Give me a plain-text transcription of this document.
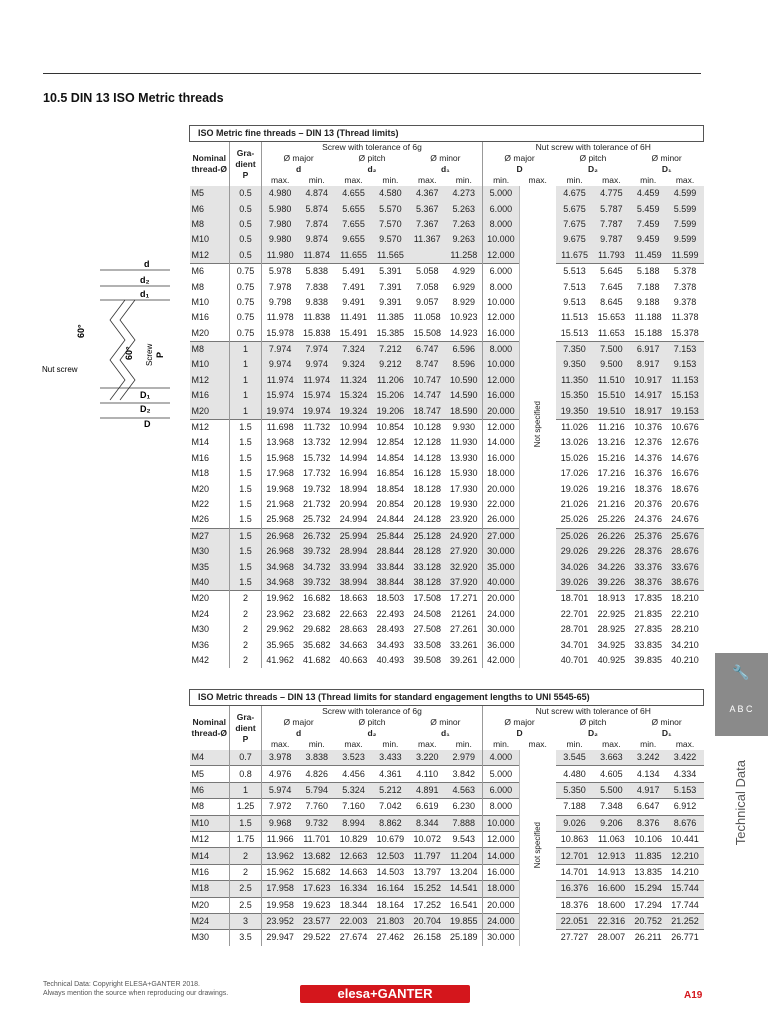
10.5 DIN 13 ISO Metric threads
d
d₂
d₁
D₁
D₂
D
60°
60° Screw P
Nut screw
ISO Metric fine threads – DIN 13 (Thread limits)													
Nominal thread-Ø	Gra- dient P	Screw with tolerance of 6g						Nut screw with tolerance of 6H					
		Ø major		Ø pitch		Ø minor		Ø major		Ø pitch		Ø minor	
		d		d₂		d₁		D		D₂		D₁	
		max.	min.	max.	min.	max.	min.	min.	max.	min.	max.	min.	max.
M5	0.5	4.980	4.874	4.655	4.580	4.367	4.273	5.000	Not specified	4.675	4.775	4.459	4.599
M6	0.5	5.980	5.874	5.655	5.570	5.367	5.263	6.000		5.675	5.787	5.459	5.599
M8	0.5	7.980	7.874	7.655	7.570	7.367	7.263	8.000		7.675	7.787	7.459	7.599
M10	0.5	9.980	9.874	9.655	9.570	11.367	9.263	10.000		9.675	9.787	9.459	9.599
M12	0.5	11.980	11.874	11.655	11.565		11.258	12.000		11.675	11.793	11.459	11.599
M6	0.75	5.978	5.838	5.491	5.391	5.058	4.929	6.000		5.513	5.645	5.188	5.378
M8	0.75	7.978	7.838	7.491	7.391	7.058	6.929	8.000		7.513	7.645	7.188	7.378
M10	0.75	9.798	9.838	9.491	9.391	9.057	8.929	10.000		9.513	8.645	9.188	9.378
M16	0.75	11.978	11.838	11.491	11.385	11.058	10.923	12.000		11.513	15.653	11.188	11.378
M20	0.75	15.978	15.838	15.491	15.385	15.508	14.923	16.000		15.513	11.653	15.188	15.378
M8	1	7.974	7.974	7.324	7.212	6.747	6.596	8.000		7.350	7.500	6.917	7.153
M10	1	9.974	9.974	9.324	9.212	8.747	8.596	10.000		9.350	9.500	8.917	9.153
M12	1	11.974	11.974	11.324	11.206	10.747	10.590	12.000		11.350	11.510	10.917	11.153
M16	1	15.974	15.974	15.324	15.206	14.747	14.590	16.000		15.350	15.510	14.917	15.153
M20	1	19.974	19.974	19.324	19.206	18.747	18.590	20.000		19.350	19.510	18.917	19.153
M12	1.5	11.698	11.732	10.994	10.854	10.128	9.930	12.000		11.026	11.216	10.376	10.676
M14	1.5	13.968	13.732	12.994	12.854	12.128	11.930	14.000		13.026	13.216	12.376	12.676
M16	1.5	15.968	15.732	14.994	14.854	14.128	13.930	16.000		15.026	15.216	14.376	14.676
M18	1.5	17.968	17.732	16.994	16.854	16.128	15.930	18.000		17.026	17.216	16.376	16.676
M20	1.5	19.968	19.732	18.994	18.854	18.128	17.930	20.000		19.026	19.216	18.376	18.676
M22	1.5	21.968	21.732	20.994	20.854	20.128	19.930	22.000		21.026	21.216	20.376	20.676
M26	1.5	25.968	25.732	24.994	24.844	24.128	23.920	26.000		25.026	25.226	24.376	24.676
M27	1.5	26.968	26.732	25.994	25.844	25.128	24.920	27.000		25.026	26.226	25.376	25.676
M30	1.5	26.968	39.732	28.994	28.844	28.128	27.920	30.000		29.026	29.226	28.376	28.676
M35	1.5	34.968	34.732	33.994	33.844	33.128	32.920	35.000		34.026	34.226	33.376	33.676
M40	1.5	34.968	39.732	38.994	38.844	38.128	37.920	40.000		39.026	39.226	38.376	38.676
M20	2	19.962	16.682	18.663	18.503	17.508	17.271	20.000		18.701	18.913	17.835	18.210
M24	2	23.962	23.682	22.663	22.493	24.508	21261	24.000		22.701	22.925	21.835	22.210
M30	2	29.962	29.682	28.663	28.493	27.508	27.261	30.000		28.701	28.925	27.835	28.210
M36	2	35.965	35.682	34.663	34.493	33.508	33.261	36.000		34.701	34.925	33.835	34.210
M42	2	41.962	41.682	40.663	40.493	39.508	39.261	42.000		40.701	40.925	39.835	40.210
ISO Metric threads – DIN 13 (Thread limits for standard engagement lengths to UNI 5545-65)													
Nominal thread-Ø	Gra- dient P	Screw with tolerance of 6g						Nut screw with tolerance of 6H					
		Ø major		Ø pitch		Ø minor		Ø major		Ø pitch		Ø minor	
		d		d₂		d₁		D		D₂		D₁	
		max.	min.	max.	min.	max.	min.	min.	max.	min.	max.	min.	max.
M4	0.7	3.978	3.838	3.523	3.433	3.220	2.979	4.000	Not specified	3.545	3.663	3.242	3.422
M5	0.8	4.976	4.826	4.456	4.361	4.110	3.842	5.000		4.480	4.605	4.134	4.334
M6	1	5.974	5.794	5.324	5.212	4.891	4.563	6.000		5.350	5.500	4.917	5.153
M8	1.25	7.972	7.760	7.160	7.042	6.619	6.230	8.000		7.188	7.348	6.647	6.912
M10	1.5	9.968	9.732	8.994	8.862	8.344	7.888	10.000		9.026	9.206	8.376	8.676
M12	1.75	11.966	11.701	10.829	10.679	10.072	9.543	12.000		10.863	11.063	10.106	10.441
M14	2	13.962	13.682	12.663	12.503	11.797	11.204	14.000		12.701	12.913	11.835	12.210
M16	2	15.962	15.682	14.663	14.503	13.797	13.204	16.000		14.701	14.913	13.835	14.210
M18	2.5	17.958	17.623	16.334	16.164	15.252	14.541	18.000		16.376	16.600	15.294	15.744
M20	2.5	19.958	19.623	18.344	18.164	17.252	16.541	20.000		18.376	18.600	17.294	17.744
M24	3	23.952	23.577	22.003	21.803	20.704	19.855	24.000		22.051	22.316	20.752	21.252
M30	3.5	29.947	29.522	27.674	27.462	26.158	25.189	30.000		27.727	28.007	26.211	26.771
🔧
A B C
Technical Data
Technical Data: Copyright ELESA+GANTER 2018.
Always mention the source when reproducing our drawings.	elesa+GANTER	A19
